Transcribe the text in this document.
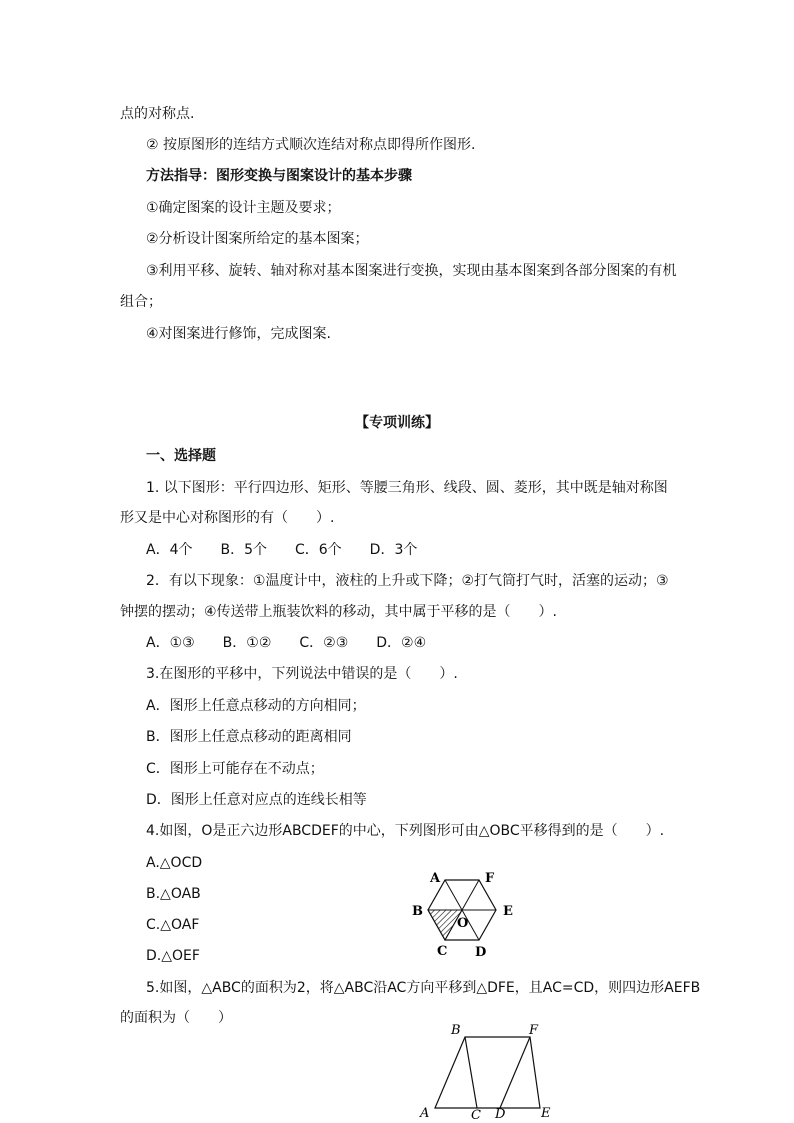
点的对称点.
② 按原图形的连结方式顺次连结对称点即得所作图形.
方法指导：图形变换与图案设计的基本步骤
①确定图案的设计主题及要求；
②分析设计图案所给定的基本图案；
③利用平移、旋转、轴对称对基本图案进行变换，实现由基本图案到各部分图案的有机
组合；
④对图案进行修饰，完成图案.
【专项训练】
一、选择题
1. 以下图形：平行四边形、矩形、等腰三角形、线段、圆、菱形，其中既是轴对称图
形又是中心对称图形的有（　　）.
A．4个　　B．5个　　C．6个　　D．3个
2．有以下现象：①温度计中，液柱的上升或下降；②打气筒打气时，活塞的运动；③
钟摆的摆动；④传送带上瓶装饮料的移动，其中属于平移的是（　　）.
A．①③　　B．①②　　C．②③　　D．②④
3.在图形的平移中，下列说法中错误的是（　　）.
A．图形上任意点移动的方向相同；
B．图形上任意点移动的距离相同
C．图形上可能存在不动点；
D．图形上任意对应点的连线长相等
4.如图，O是正六边形ABCDEF的中心，下列图形可由△OBC平移得到的是（　　）.
A.△OCD
B.△OAB
C.△OAF
D.△OEF
A	F
B	E
O
C D
5.如图，△ABC的面积为2，将△ABC沿AC方向平移到△DFE，且AC=CD，则四边形AEFB
的面积为（　　）
B	F
A	C D	E
